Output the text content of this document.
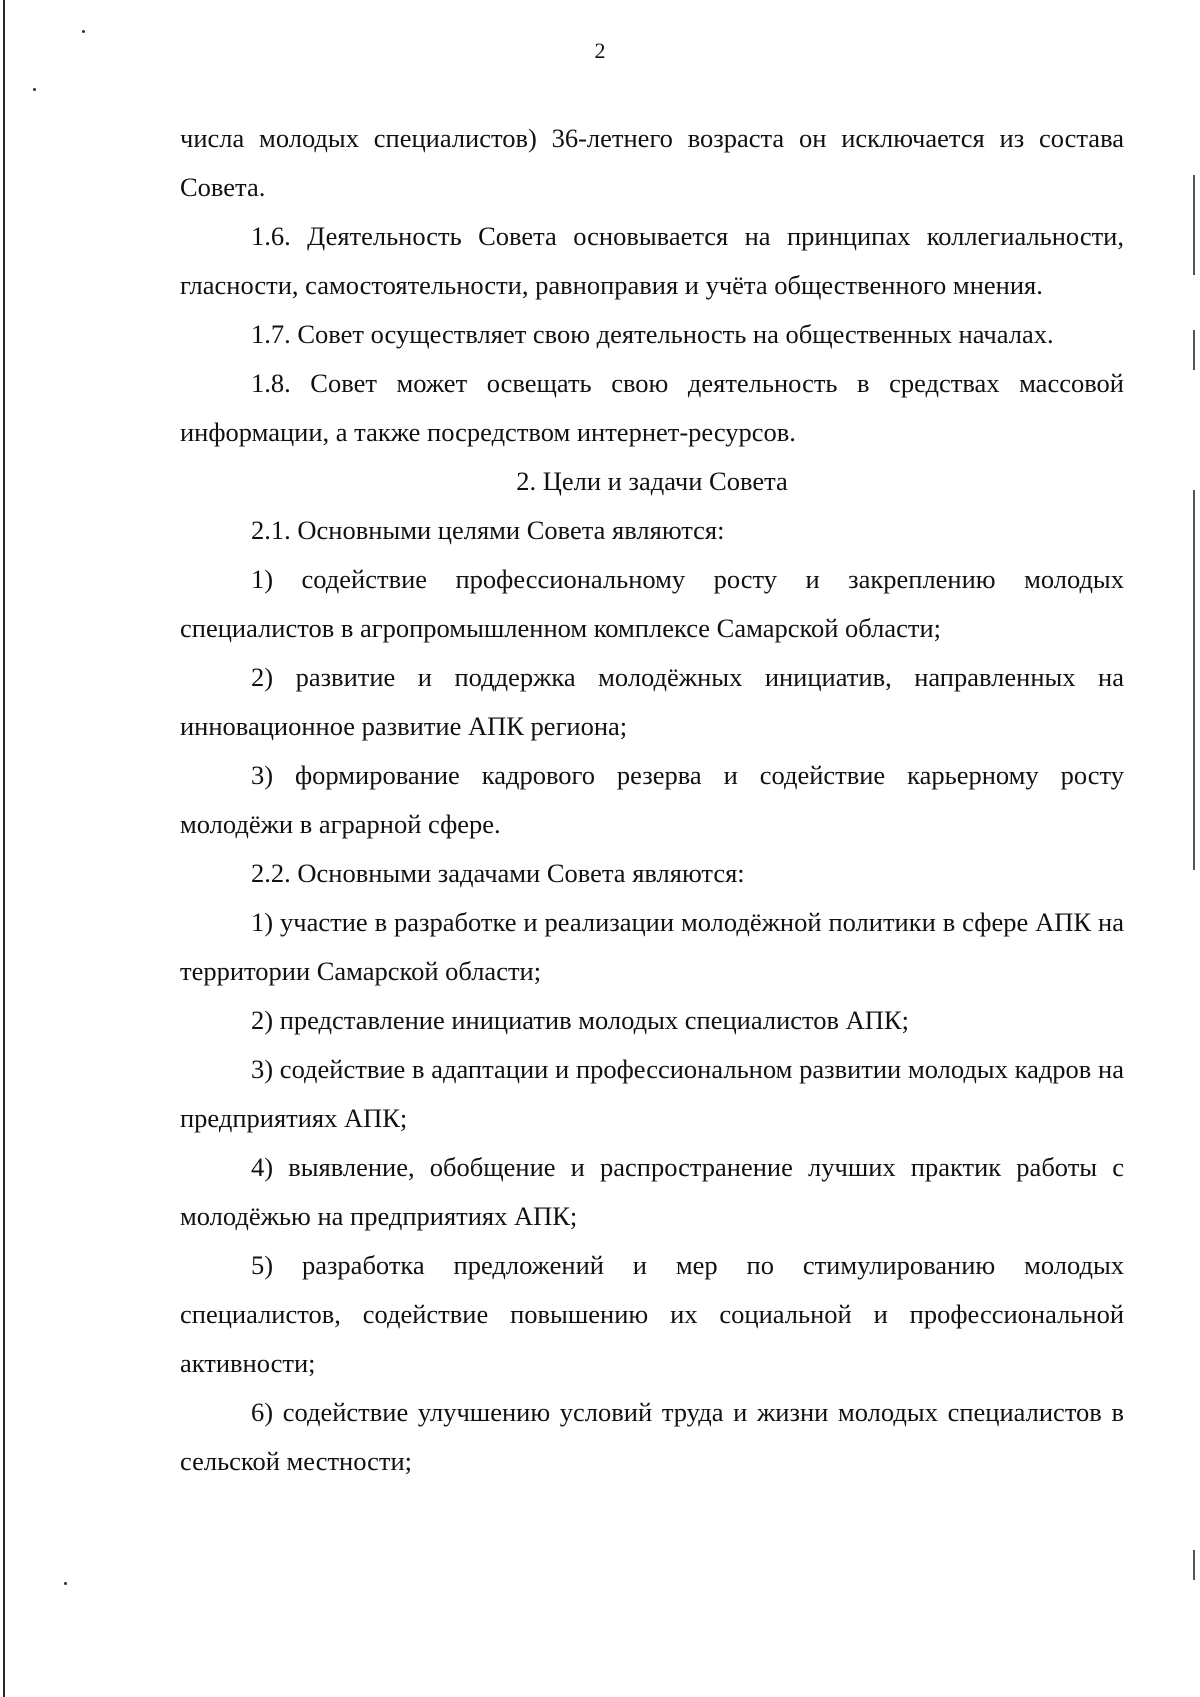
2

числа молодых специалистов) 36-летнего возраста он исключается из состава Совета.

1.6. Деятельность Совета основывается на принципах коллегиальности, гласности, самостоятельности, равноправия и учёта общественного мнения.

1.7. Совет осуществляет свою деятельность на общественных началах.

1.8. Совет может освещать свою деятельность в средствах массовой информации, а также посредством интернет-ресурсов.

2. Цели и задачи Совета

2.1. Основными целями Совета являются:

1) содействие профессиональному росту и закреплению молодых специалистов в агропромышленном комплексе Самарской области;

2) развитие и поддержка молодёжных инициатив, направленных на инновационное развитие АПК региона;

3) формирование кадрового резерва и содействие карьерному росту молодёжи в аграрной сфере.

2.2. Основными задачами Совета являются:

1) участие в разработке и реализации молодёжной политики в сфере АПК на территории Самарской области;

2) представление инициатив молодых специалистов АПК;

3) содействие в адаптации и профессиональном развитии молодых кадров на предприятиях АПК;

4) выявление, обобщение и распространение лучших практик работы с молодёжью на предприятиях АПК;

5) разработка предложений и мер по стимулированию молодых специалистов, содействие повышению их социальной и профессиональной активности;

6) содействие улучшению условий труда и жизни молодых специалистов в сельской местности;
